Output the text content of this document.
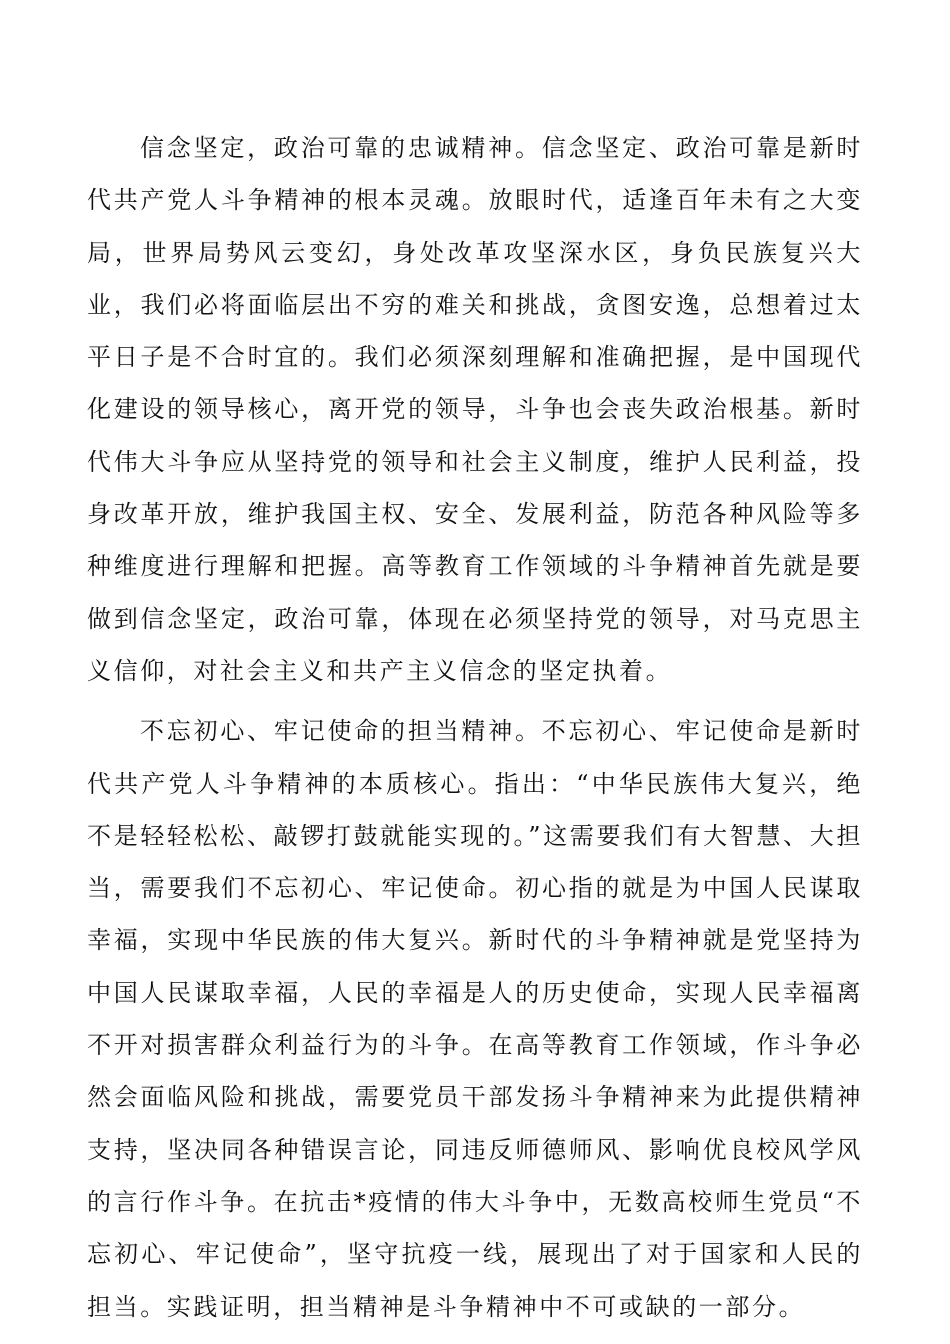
信念坚定，政治可靠的忠诚精神。信念坚定、政治可靠是新时代共产党人斗争精神的根本灵魂。放眼时代，适逢百年未有之大变局，世界局势风云变幻，身处改革攻坚深水区，身负民族复兴大业，我们必将面临层出不穷的难关和挑战，贪图安逸，总想着过太平日子是不合时宜的。我们必须深刻理解和准确把握，是中国现代化建设的领导核心，离开党的领导，斗争也会丧失政治根基。新时代伟大斗争应从坚持党的领导和社会主义制度，维护人民利益，投身改革开放，维护我国主权、安全、发展利益，防范各种风险等多种维度进行理解和把握。高等教育工作领域的斗争精神首先就是要做到信念坚定，政治可靠，体现在必须坚持党的领导，对马克思主义信仰，对社会主义和共产主义信念的坚定执着。

不忘初心、牢记使命的担当精神。不忘初心、牢记使命是新时代共产党人斗争精神的本质核心。指出：“中华民族伟大复兴，绝不是轻轻松松、敲锣打鼓就能实现的。”这需要我们有大智慧、大担当，需要我们不忘初心、牢记使命。初心指的就是为中国人民谋取幸福，实现中华民族的伟大复兴。新时代的斗争精神就是党坚持为中国人民谋取幸福，人民的幸福是人的历史使命，实现人民幸福离不开对损害群众利益行为的斗争。在高等教育工作领域，作斗争必然会面临风险和挑战，需要党员干部发扬斗争精神来为此提供精神支持，坚决同各种错误言论，同违反师德师风、影响优良校风学风的言行作斗争。在抗击*疫情的伟大斗争中，无数高校师生党员“不忘初心、牢记使命”，坚守抗疫一线，展现出了对于国家和人民的担当。实践证明，担当精神是斗争精神中不可或缺的一部分。
